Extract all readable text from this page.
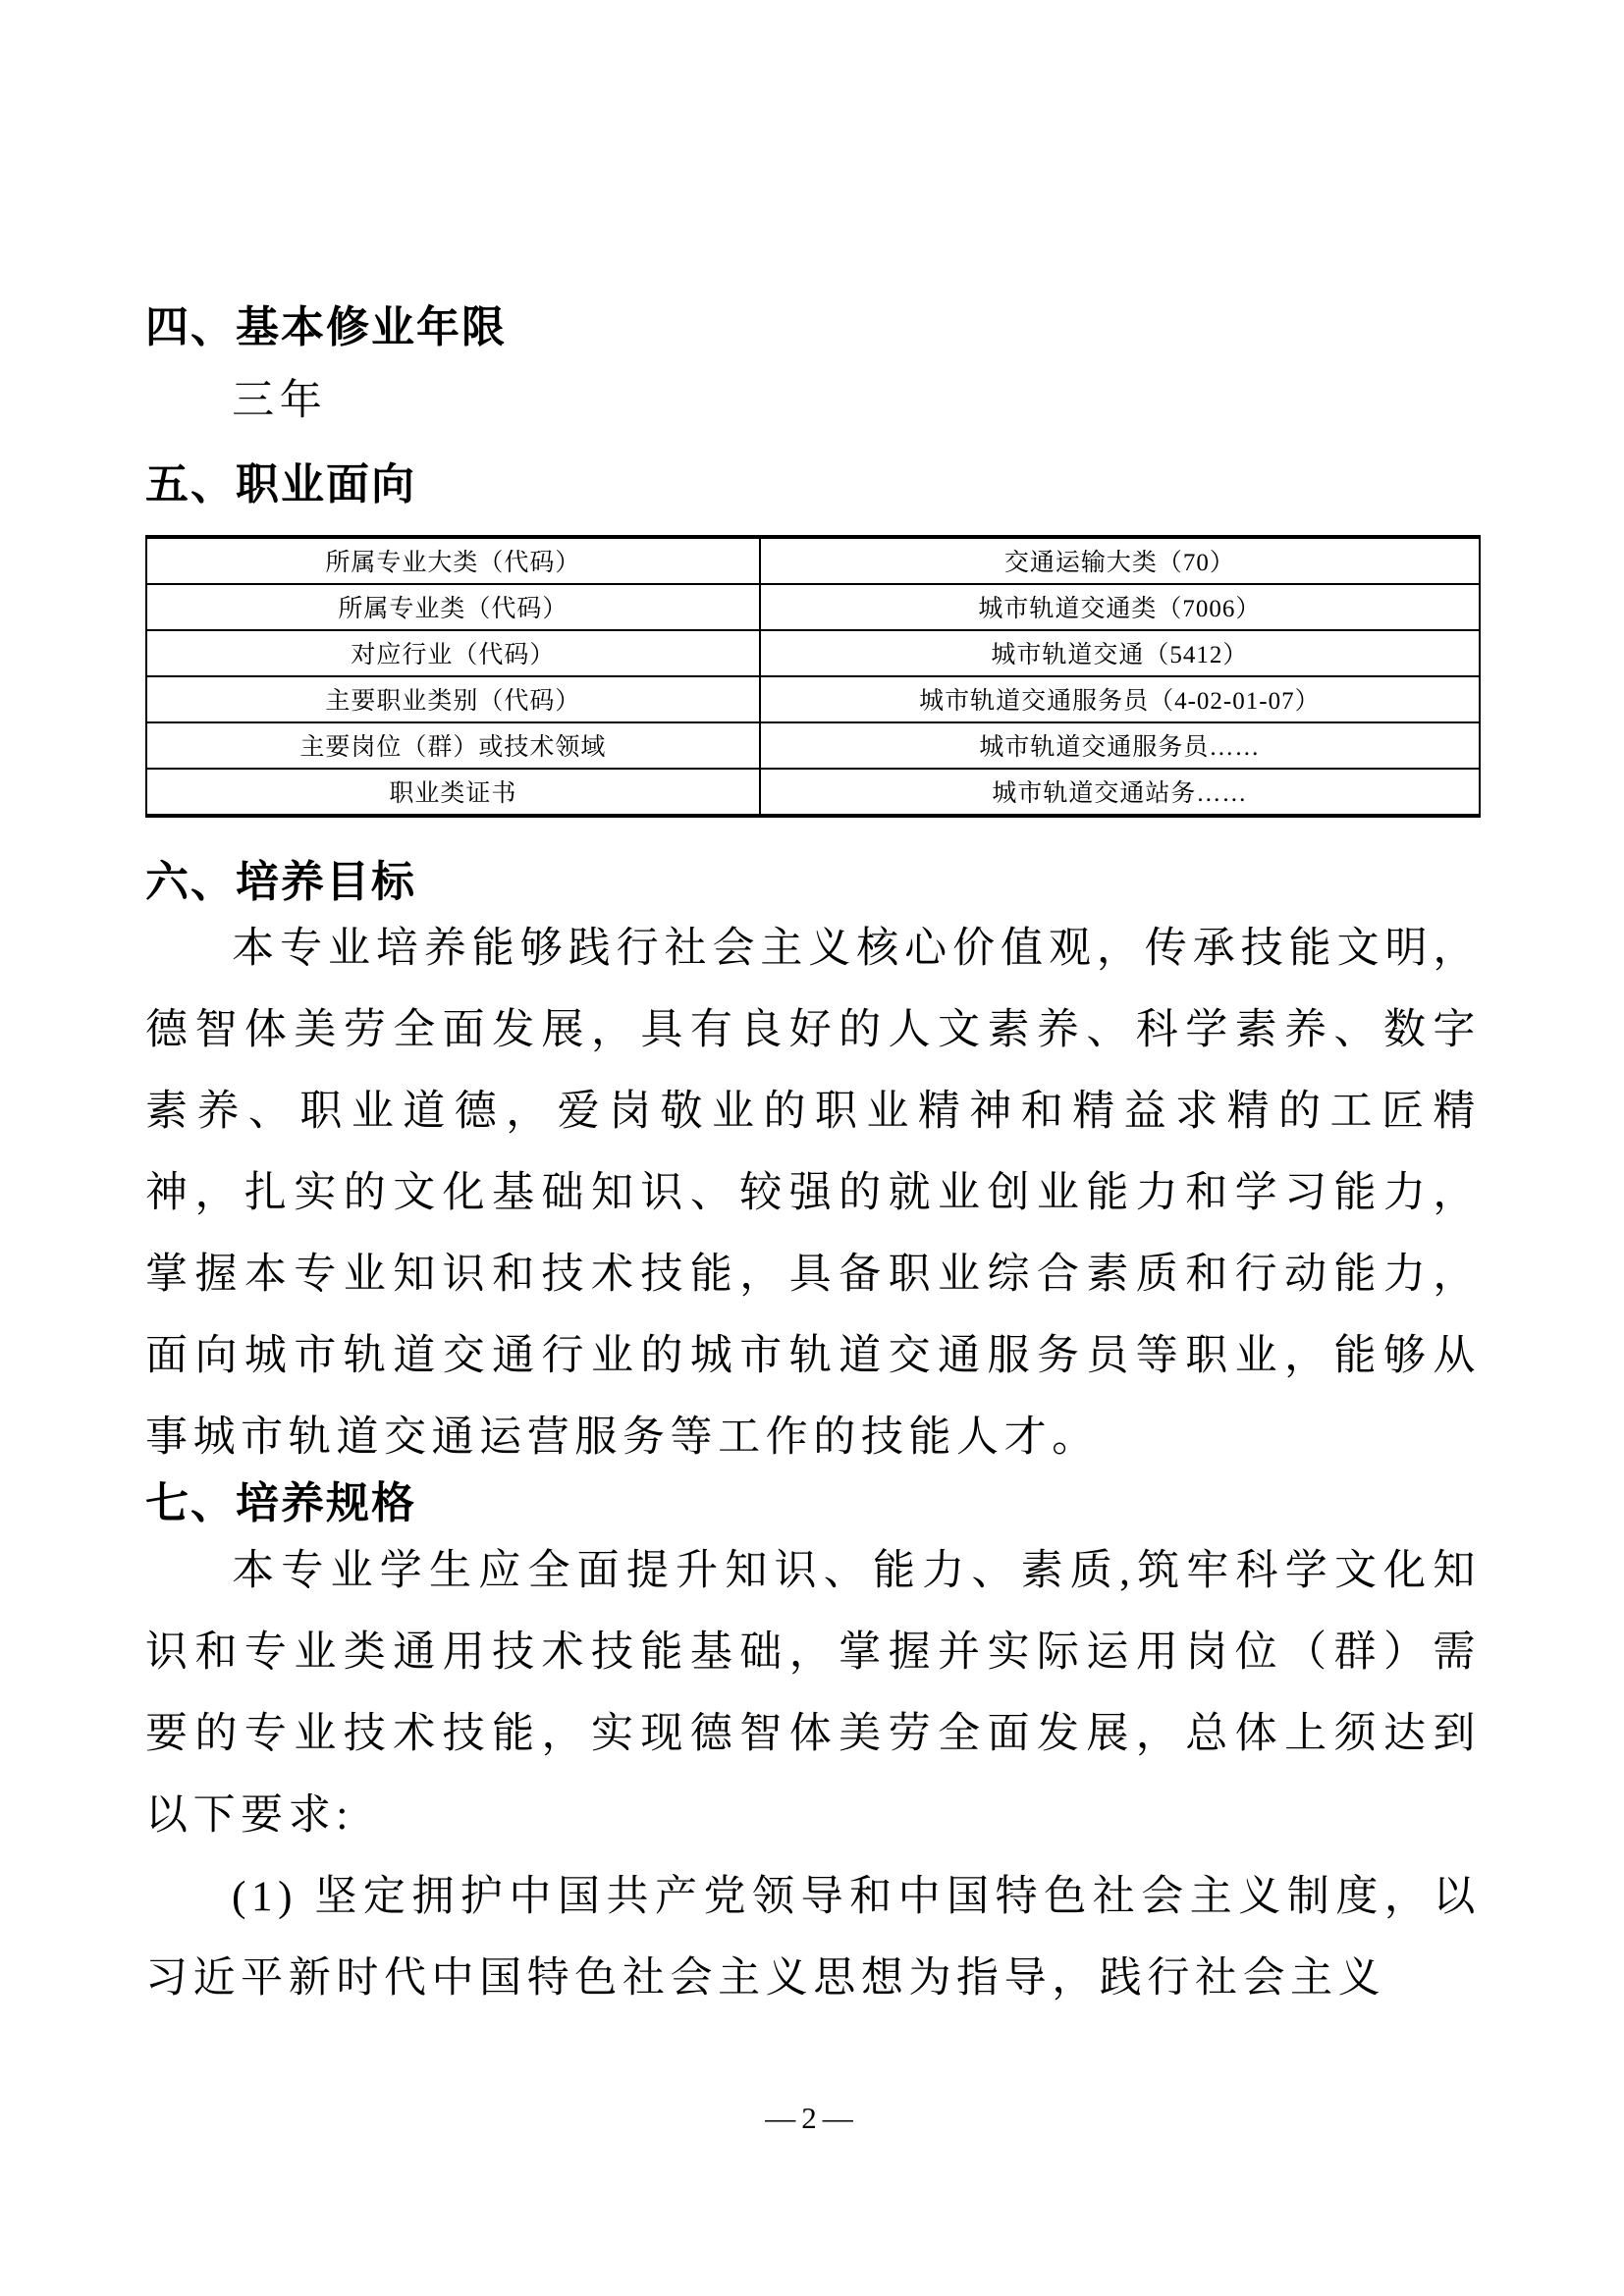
四、基本修业年限

三年

五、职业面向
所属专业大类（代码）	交通运输大类（70）
所属专业类（代码）	城市轨道交通类（7006）
对应行业（代码）	城市轨道交通（5412）
主要职业类别（代码）	城市轨道交通服务员（4-02-01-07）
主要岗位（群）或技术领域	城市轨道交通服务员……
职业类证书	城市轨道交通站务……
六、培养目标

本专业培养能够践行社会主义核心价值观，传承技能文明，德智体美劳全面发展，具有良好的人文素养、科学素养、数字素养、职业道德，爱岗敬业的职业精神和精益求精的工匠精神，扎实的文化基础知识、较强的就业创业能力和学习能力，掌握本专业知识和技术技能，具备职业综合素质和行动能力，面向城市轨道交通行业的城市轨道交通服务员等职业，能够从事城市轨道交通运营服务等工作的技能人才。

七、培养规格

本专业学生应全面提升知识、能力、素质,筑牢科学文化知识和专业类通用技术技能基础，掌握并实际运用岗位（群）需要的专业技术技能，实现德智体美劳全面发展，总体上须达到以下要求:

(1) 坚定拥护中国共产党领导和中国特色社会主义制度，以习近平新时代中国特色社会主义思想为指导，践行社会主义

—2—
